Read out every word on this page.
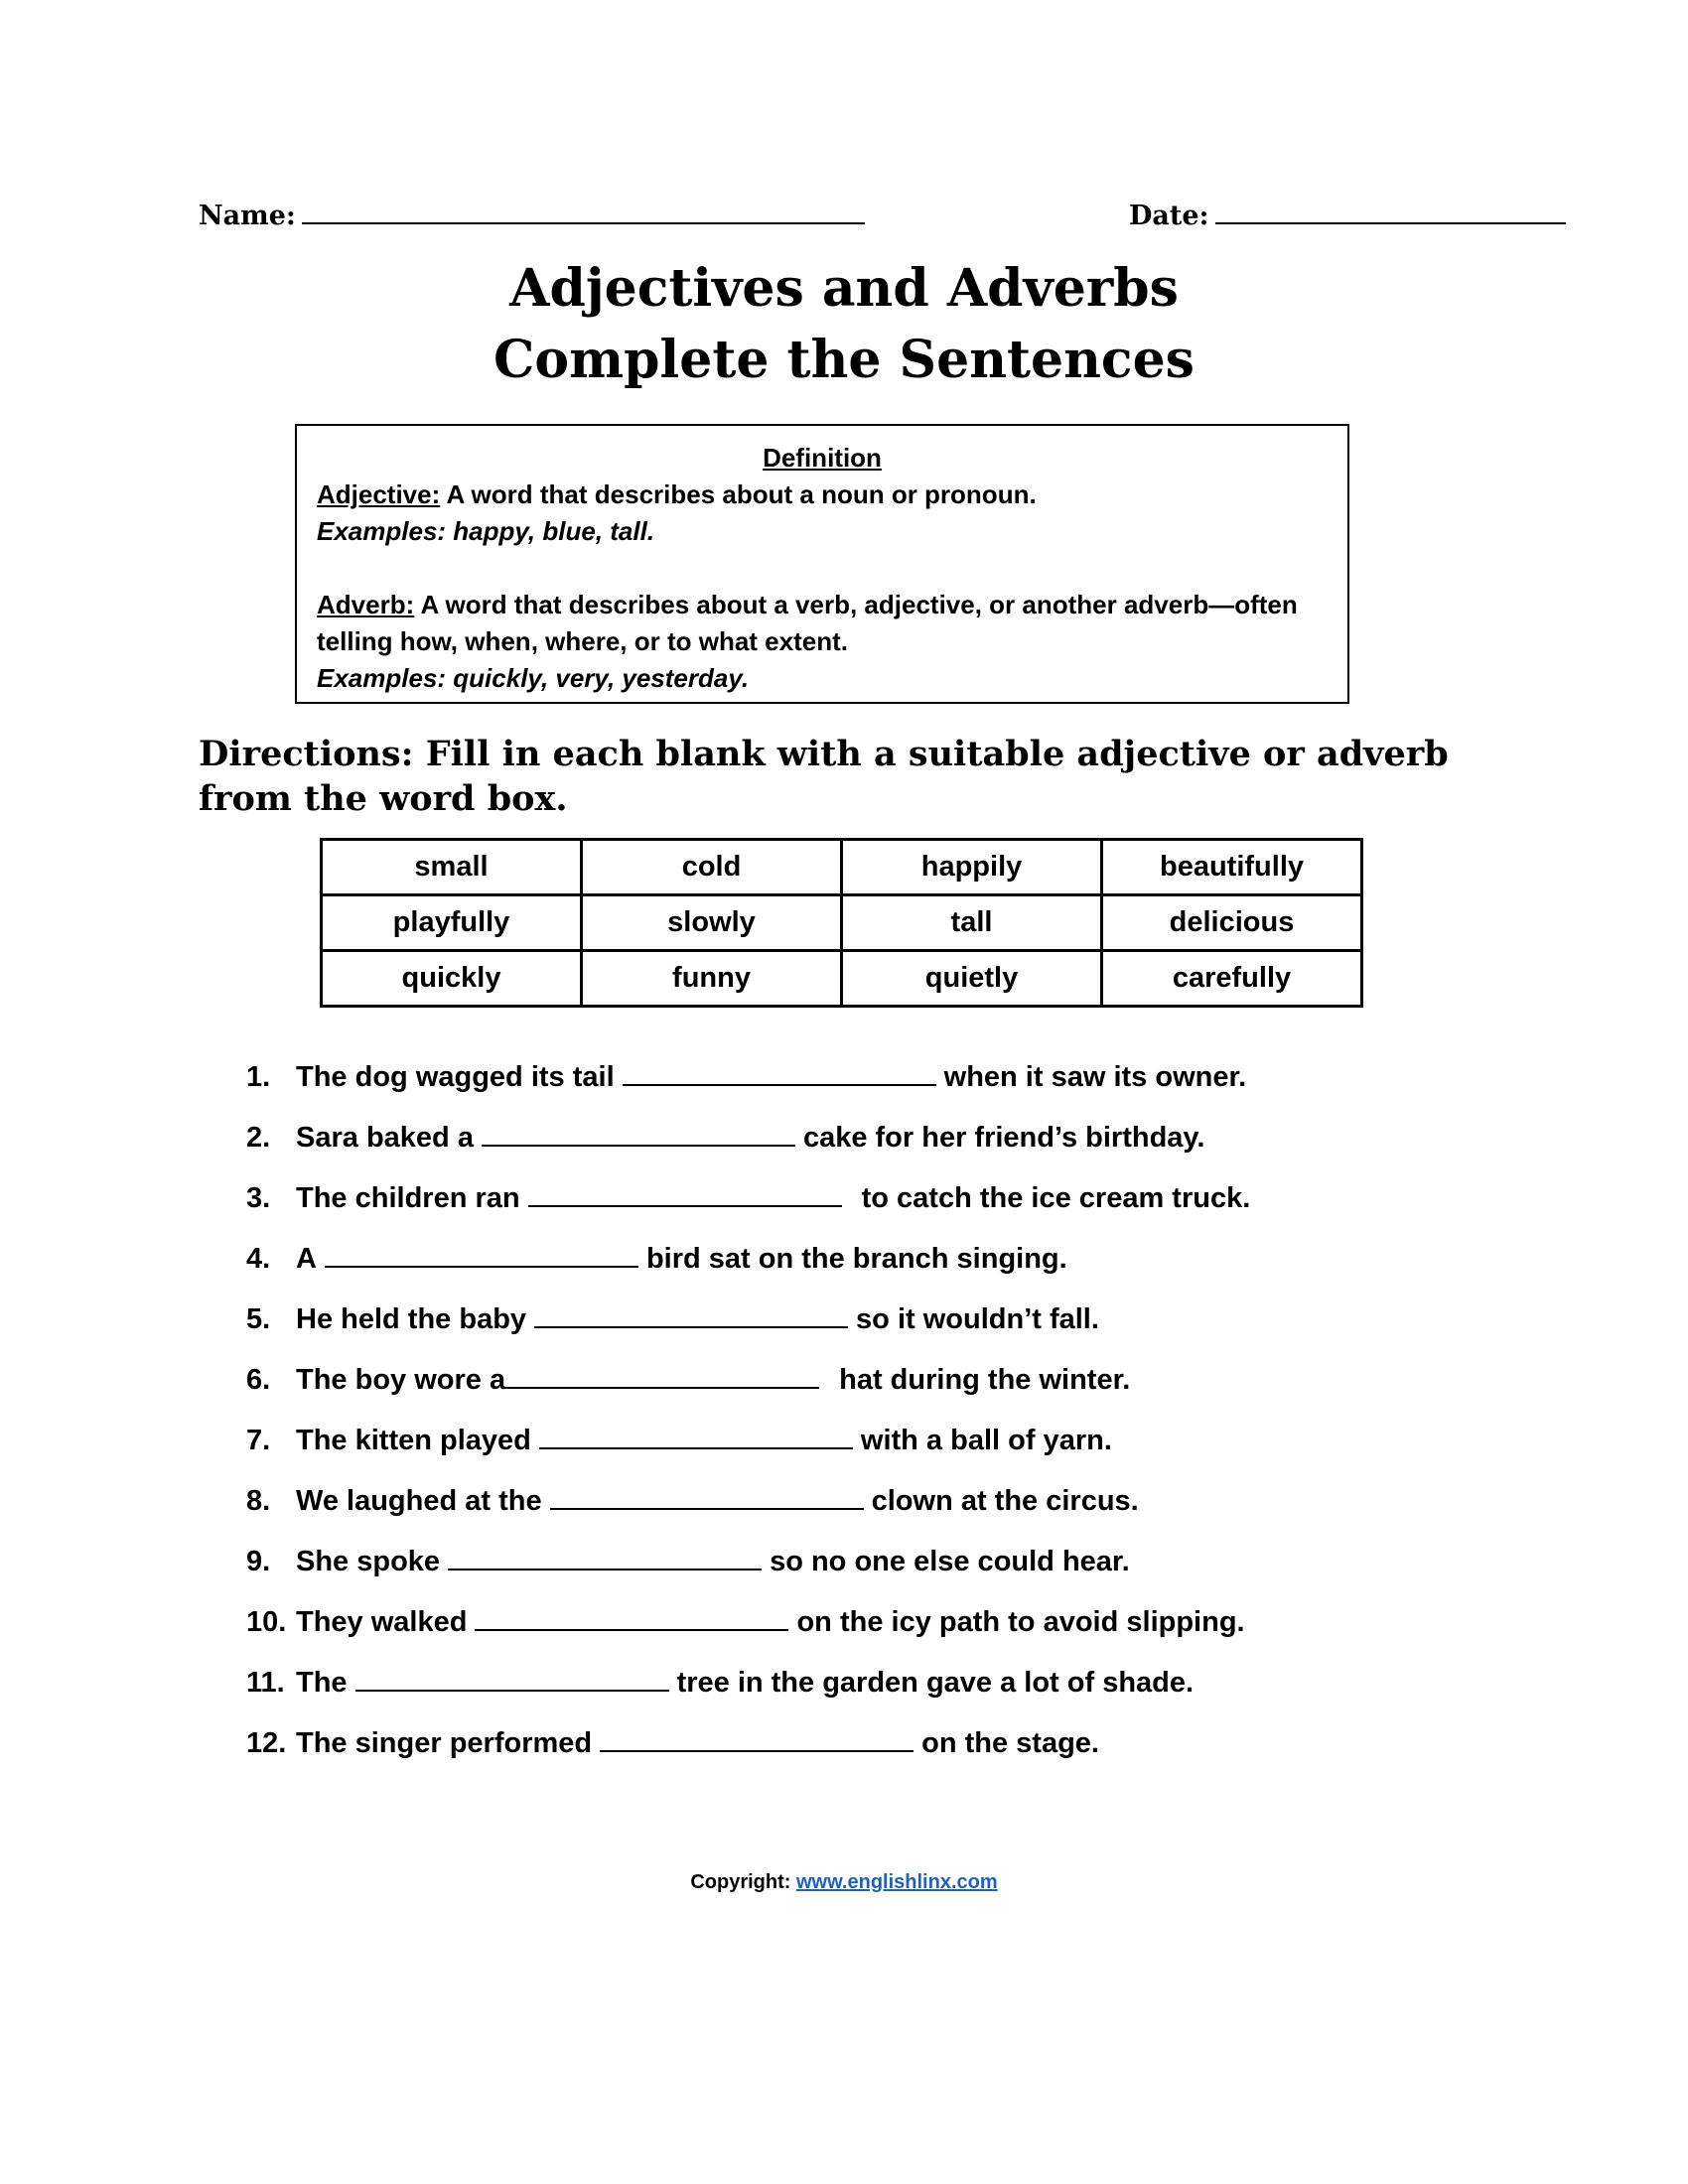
Name:	Date:
Adjectives and Adverbs
Complete the Sentences
Definition
Adjective: A word that describes about a noun or pronoun.
Examples: happy, blue, tall.
Adverb: A word that describes about a verb, adjective, or another adverb—often telling how, when, where, or to what extent.
Examples: quickly, very, yesterday.
Directions: Fill in each blank with a suitable adjective or adverb from the word box.
small	cold	happily	beautifully
playfully	slowly	tall	delicious
quickly	funny	quietly	carefully
1. The dog wagged its tail	when it saw its owner.
2. Sara baked a	cake for her friend’s birthday.
3. The children ran	to catch the ice cream truck.
4. A	bird sat on the branch singing.
5. He held the baby	so it wouldn’t fall.
6. The boy wore a	hat during the winter.
7. The kitten played	with a ball of yarn.
8. We laughed at the	clown at the circus.
9. She spoke	so no one else could hear.
10. They walked	on the icy path to avoid slipping.
11. The	tree in the garden gave a lot of shade.
12. The singer performed	on the stage.
Copyright: www.englishlinx.com
